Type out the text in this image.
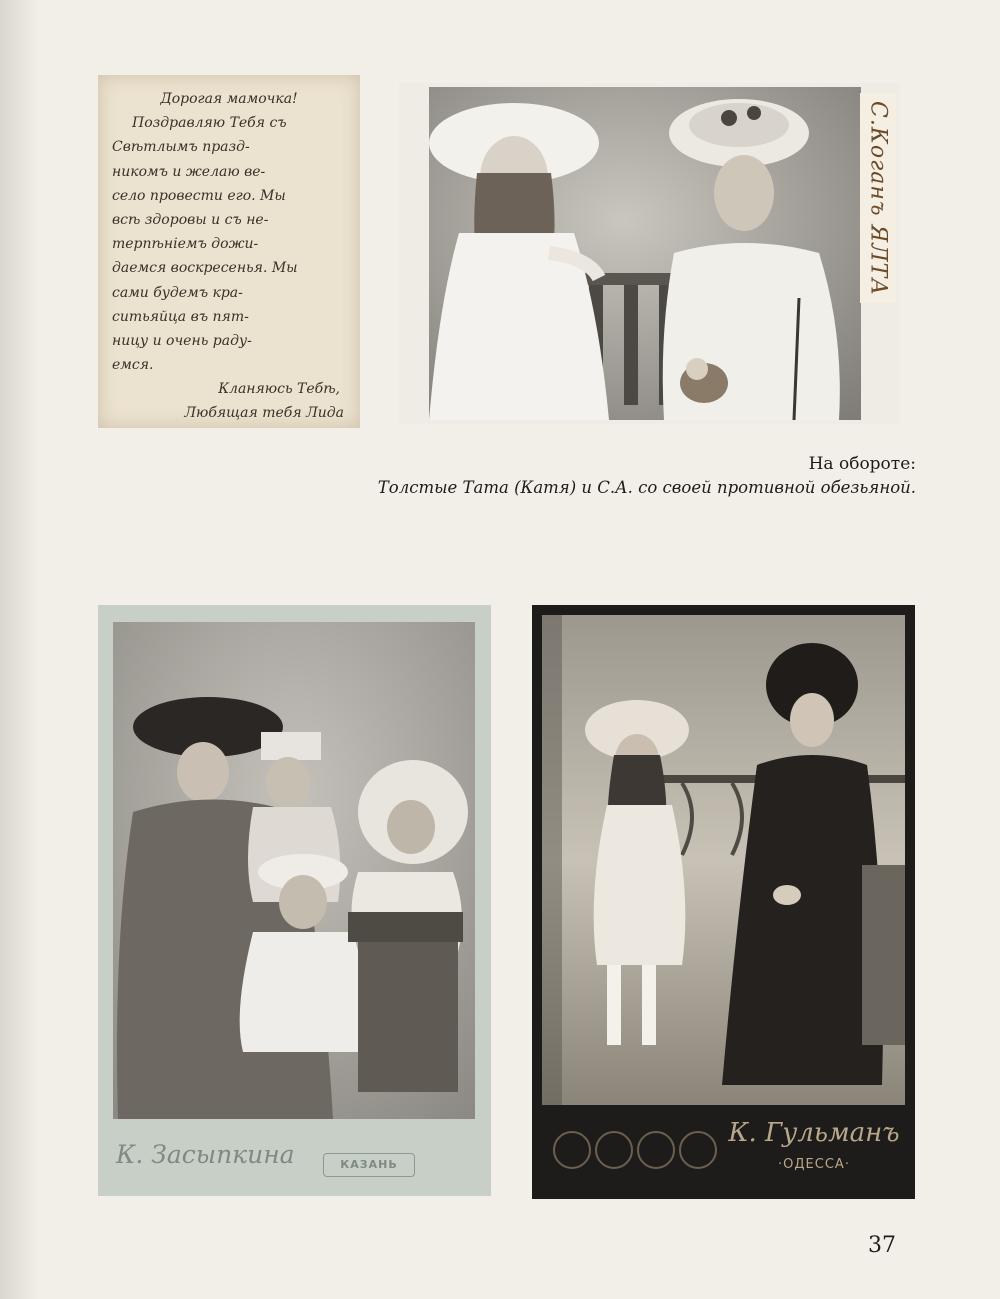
Дорогая мамочка!
Поздравляю Тебя съ
Свѣтлымъ празд-
никомъ и желаю ве-
село провести его. Мы
всѣ здоровы и съ не-
терпѣнiемъ дожи-
даемся воскресенья. Мы
сами будемъ кра-
ситьяйца въ пят-
ницу и очень раду-
емся.
Кланяюсь Тебѣ,
Любящая тебя Лида
С.Коганъ ЯЛТА
На обороте:
Толстые Тата (Катя) и С.А. со своей противной обезьяной.
К. Засыпкина	КАЗАНЬ
К. Гульманъ
·ОДЕССА·
37
